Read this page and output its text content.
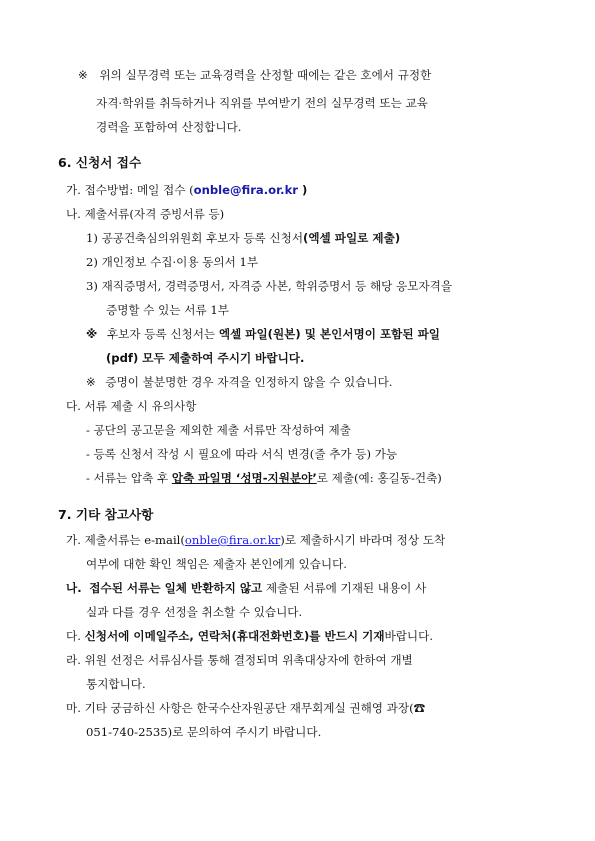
※ 위의 실무경력 또는 교육경력을 산정할 때에는 같은 호에서 규정한
자격·학위를 취득하거나 직위를 부여받기 전의 실무경력 또는 교육
경력을 포함하여 산정합니다.
6. 신청서 접수
가. 접수방법: 메일 접수 (onble@fira.or.kr )
나. 제출서류(자격 증빙서류 등)
1) 공공건축심의위원회 후보자 등록 신청서(엑셀 파일로 제출)
2) 개인정보 수집·이용 동의서 1부
3) 재직증명서, 경력증명서, 자격증 사본, 학위증명서 등 해당 응모자격을
증명할 수 있는 서류 1부
※ 후보자 등록 신청서는 엑셀 파일(원본) 및 본인서명이 포함된 파일
(pdf) 모두 제출하여 주시기 바랍니다.
※ 증명이 불분명한 경우 자격을 인정하지 않을 수 있습니다.
다. 서류 제출 시 유의사항
- 공단의 공고문을 제외한 제출 서류만 작성하여 제출
- 등록 신청서 작성 시 필요에 따라 서식 변경(줄 추가 등) 가능
- 서류는 압축 후 압축 파일명 ‘성명-지원분야’로 제출(예: 홍길동-건축)
7. 기타 참고사항
가. 제출서류는 e-mail(onble@fira.or.kr)로 제출하시기 바라며 정상 도착
여부에 대한 확인 책임은 제출자 본인에게 있습니다.
나. 접수된 서류는 일체 반환하지 않고 제출된 서류에 기재된 내용이 사
실과 다를 경우 선정을 취소할 수 있습니다.
다. 신청서에 이메일주소, 연락처(휴대전화번호)를 반드시 기재바랍니다.
라. 위원 선정은 서류심사를 통해 결정되며 위촉대상자에 한하여 개별
통지합니다.
마. 기타 궁금하신 사항은 한국수산자원공단 재무회계실 권해영 과장(☎
051-740-2535)로 문의하여 주시기 바랍니다.
